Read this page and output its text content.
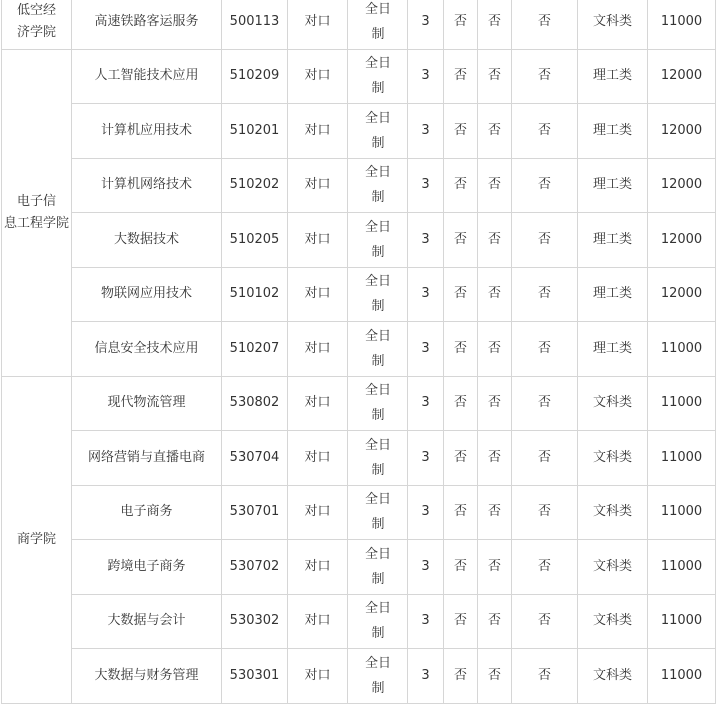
低空经
济学院	高速铁路客运服务	500113	对口	全日制	3	否	否	否	文科类	11000

电子信
息工程学院	人工智能技术应用	510209	对口	全日制	3	否	否	否	理工类	12000
	计算机应用技术	510201	对口	全日制	3	否	否	否	理工类	12000
	计算机网络技术	510202	对口	全日制	3	否	否	否	理工类	12000
	大数据技术	510205	对口	全日制	3	否	否	否	理工类	12000
	物联网应用技术	510102	对口	全日制	3	否	否	否	理工类	12000
	信息安全技术应用	510207	对口	全日制	3	否	否	否	理工类	11000

商学院	现代物流管理	530802	对口	全日制	3	否	否	否	文科类	11000
	网络营销与直播电商	530704	对口	全日制	3	否	否	否	文科类	11000
	电子商务	530701	对口	全日制	3	否	否	否	文科类	11000
	跨境电子商务	530702	对口	全日制	3	否	否	否	文科类	11000
	大数据与会计	530302	对口	全日制	3	否	否	否	文科类	11000
	大数据与财务管理	530301	对口	全日制	3	否	否	否	文科类	11000
